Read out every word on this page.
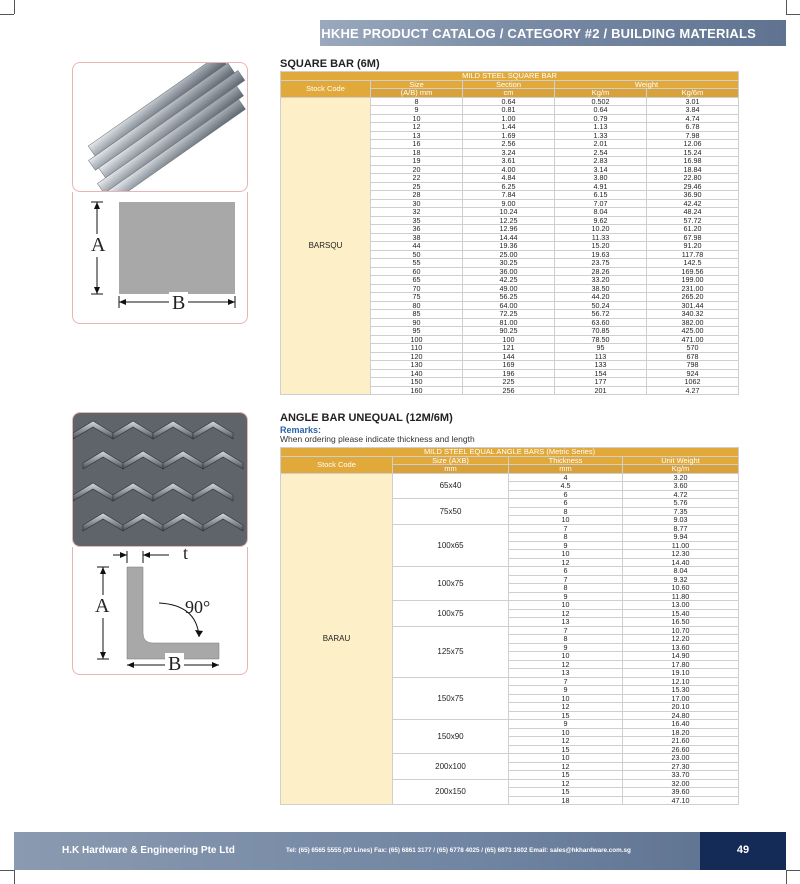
HKHE PRODUCT CATALOG / CATEGORY #2 / BUILDING MATERIALS
A
B
SQUARE BAR (6M)
MILD STEEL SQUARE BAR				
Stock Code	Size	Section	Weight	
	(A/B) mm	cm	Kg/m	Kg/6m
BARSQU	8	0.64	0.502	3.01
	9	0.81	0.64	3.84
	10	1.00	0.79	4.74
	12	1.44	1.13	6.78
	13	1.69	1.33	7.98
	16	2.56	2.01	12.06
	18	3.24	2.54	15.24
	19	3.61	2.83	16.98
	20	4.00	3.14	18.84
	22	4.84	3.80	22.80
	25	6.25	4.91	29.46
	28	7.84	6.15	36.90
	30	9.00	7.07	42.42
	32	10.24	8.04	48.24
	35	12.25	9.62	57.72
	36	12.96	10.20	61.20
	38	14.44	11.33	67.98
	44	19.36	15.20	91.20
	50	25.00	19.63	117.78
	55	30.25	23.75	142.5
	60	36.00	28.26	169.56
	65	42.25	33.20	199.00
	70	49.00	38.50	231.00
	75	56.25	44.20	265.20
	80	64.00	50.24	301.44
	85	72.25	56.72	340.32
	90	81.00	63.60	382.00
	95	90.25	70.85	425.00
	100	100	78.50	471.00
	110	121	95	570
	120	144	113	678
	130	169	133	798
	140	196	154	924
	150	225	177	1062
	160	256	201	4.27
t
A
B
90°
ANGLE BAR UNEQUAL (12M/6M)
Remarks:
When ordering please indicate thickness and length
MILD STEEL EQUAL ANGLE BARS (Metric Series)			
Stock Code	Size (AXB)	Thickness	Unit Weight
	mm	mm	Kg/m
BARAU	65x40	4	3.20
		4.5	3.60
		6	4.72
	75x50	6	5.76
		8	7.35
		10	9.03
	100x65	7	8.77
		8	9.94
		9	11.00
		10	12.30
		12	14.40
	100x75	6	8.04
		7	9.32
		8	10.60
		9	11.80
	100x75	10	13.00
		12	15.40
		13	16.50
	125x75	7	10.70
		8	12.20
		9	13.60
		10	14.90
		12	17.80
		13	19.10
	150x75	7	12.10
		9	15.30
		10	17.00
		12	20.10
		15	24.80
	150x90	9	16.40
		10	18.20
		12	21.60
		15	26.60
	200x100	10	23.00
		12	27.30
		15	33.70
	200x150	12	32.00
		15	39.60
		18	47.10
H.K Hardware & Engineering Pte Ltd	Tel: (65) 6565 5555 (30 Lines) Fax: (65) 6861 3177 / (65) 6778 4025 / (65) 6873 1602 Email: sales@hkhardware.com.sg	49
